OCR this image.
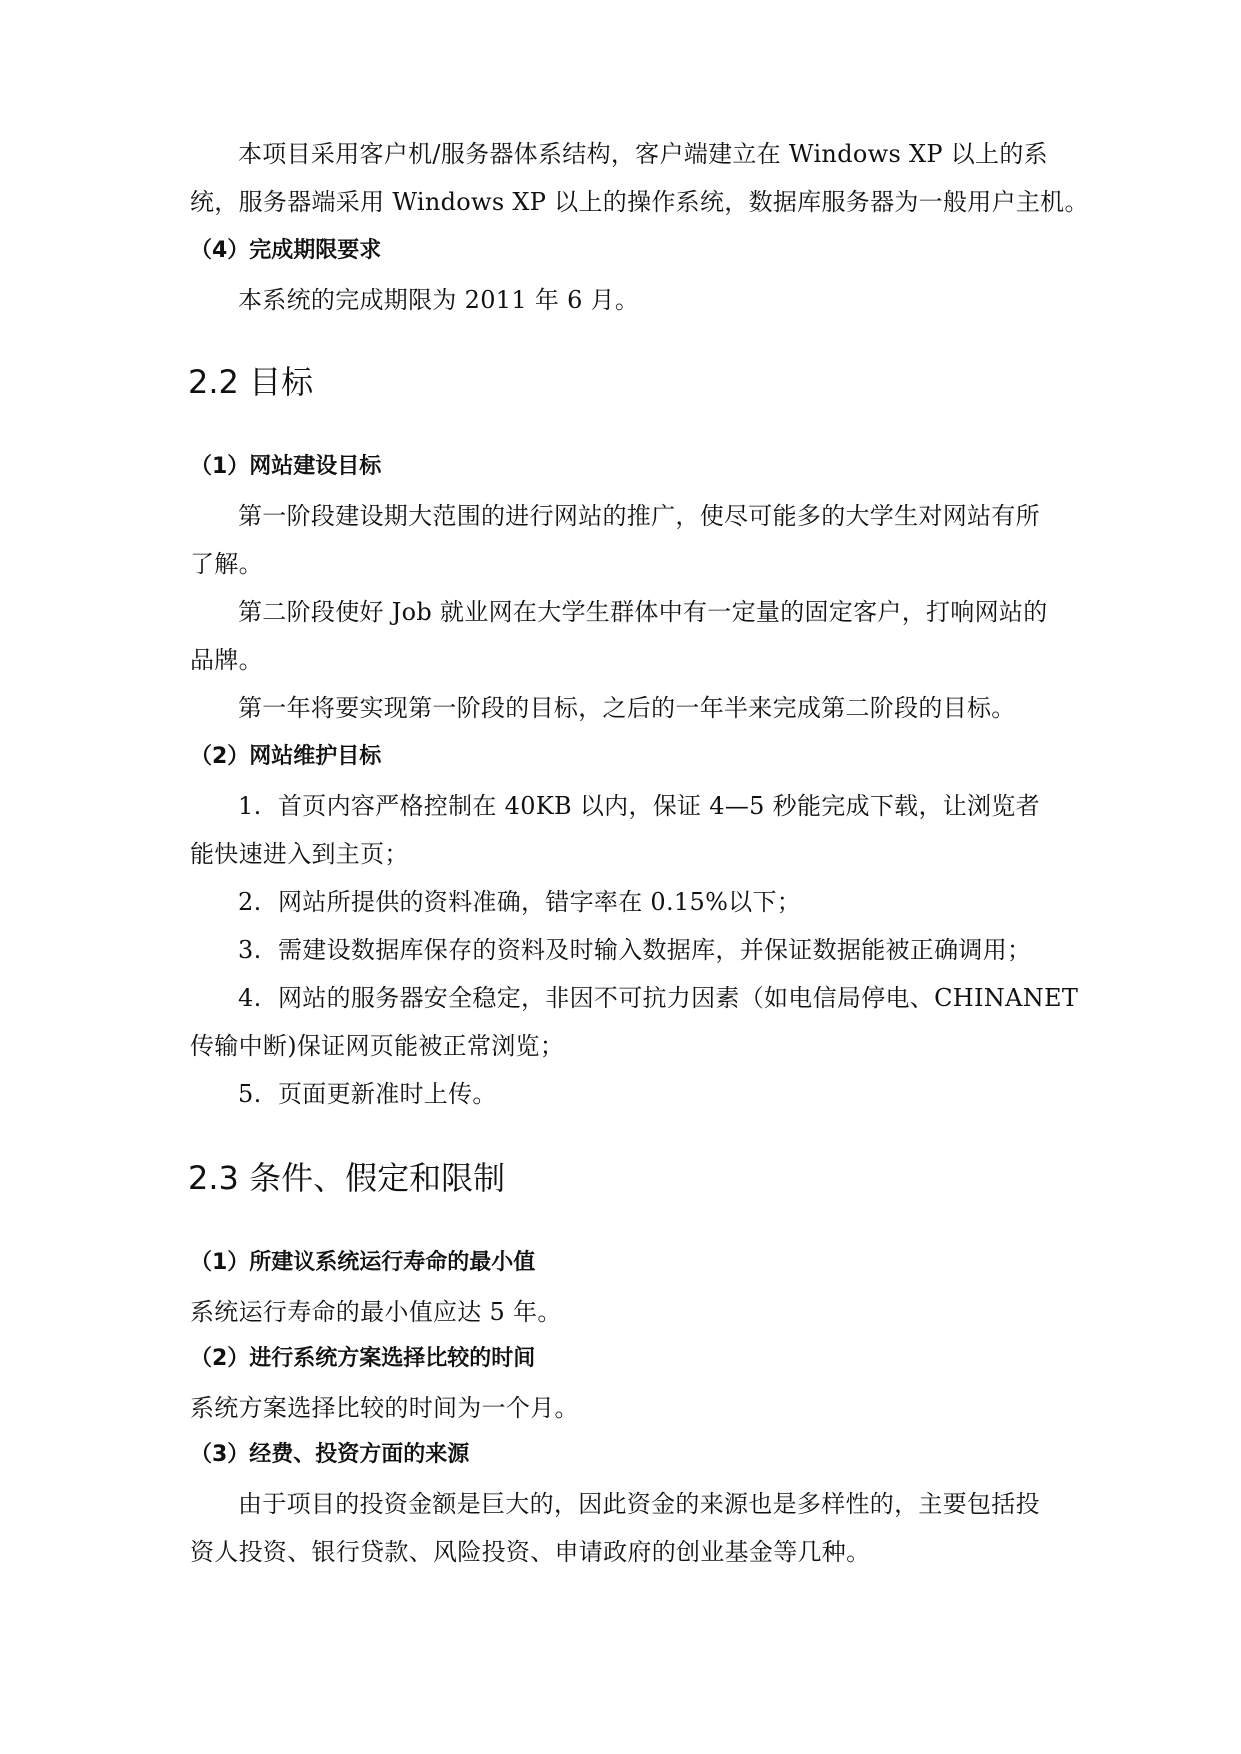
本项目采用客户机/服务器体系结构，客户端建立在 Windows XP 以上的系
统，服务器端采用 Windows XP 以上的操作系统，数据库服务器为一般用户主机。
（4）完成期限要求
本系统的完成期限为 2011 年 6 月。
2.2 目标
（1）网站建设目标
第一阶段建设期大范围的进行网站的推广，使尽可能多的大学生对网站有所
了解。
第二阶段使好 Job 就业网在大学生群体中有一定量的固定客户，打响网站的
品牌。
第一年将要实现第一阶段的目标，之后的一年半来完成第二阶段的目标。
（2）网站维护目标
1. 首页内容严格控制在 40KB 以内，保证 4—5 秒能完成下载，让浏览者
能快速进入到主页；
2. 网站所提供的资料准确，错字率在 0.15%以下；
3. 需建设数据库保存的资料及时输入数据库，并保证数据能被正确调用；
4. 网站的服务器安全稳定，非因不可抗力因素（如电信局停电、CHINANET
传输中断)保证网页能被正常浏览；
5. 页面更新准时上传。
2.3 条件、假定和限制
（1）所建议系统运行寿命的最小值
系统运行寿命的最小值应达 5 年。
（2）进行系统方案选择比较的时间
系统方案选择比较的时间为一个月。
（3）经费、投资方面的来源
由于项目的投资金额是巨大的，因此资金的来源也是多样性的，主要包括投
资人投资、银行贷款、风险投资、申请政府的创业基金等几种。
